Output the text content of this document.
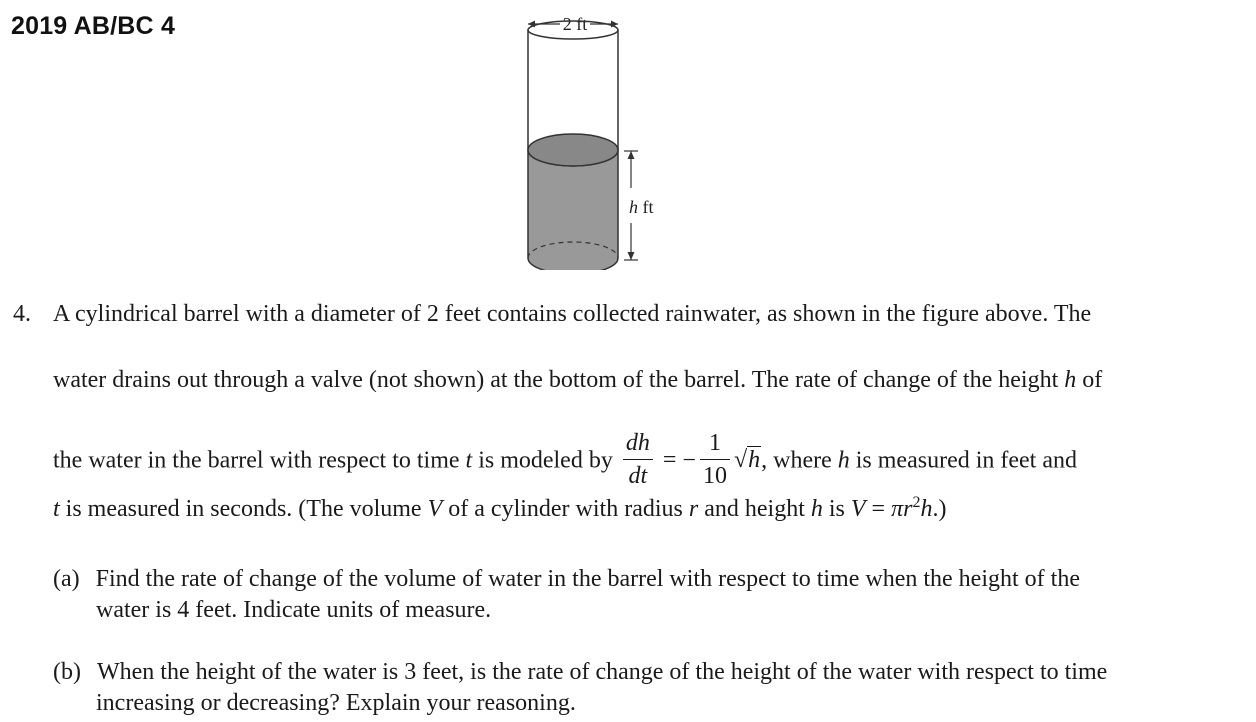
2019 AB/BC 4	2 ft
h ft
4. A cylindrical barrel with a diameter of 2 feet contains collected rainwater, as shown in the figure above. The
water drains out through a valve (not shown) at the bottom of the barrel. The rate of change of the height h of
the water in the barrel with respect to time t is modeled by $\frac{dh}{dt}$ = − $\frac{1}{10} √h$, where h is measured in feet and
t is measured in seconds. (The volume V of a cylinder with radius r and height h is $V = \pi r^2h$.)
(a) Find the rate of change of the volume of water in the barrel with respect to time when the height of the
water is 4 feet. Indicate units of measure.
(b) When the height of the water is 3 feet, is the rate of change of the height of the water with respect to time
increasing or decreasing? Explain your reasoning.
